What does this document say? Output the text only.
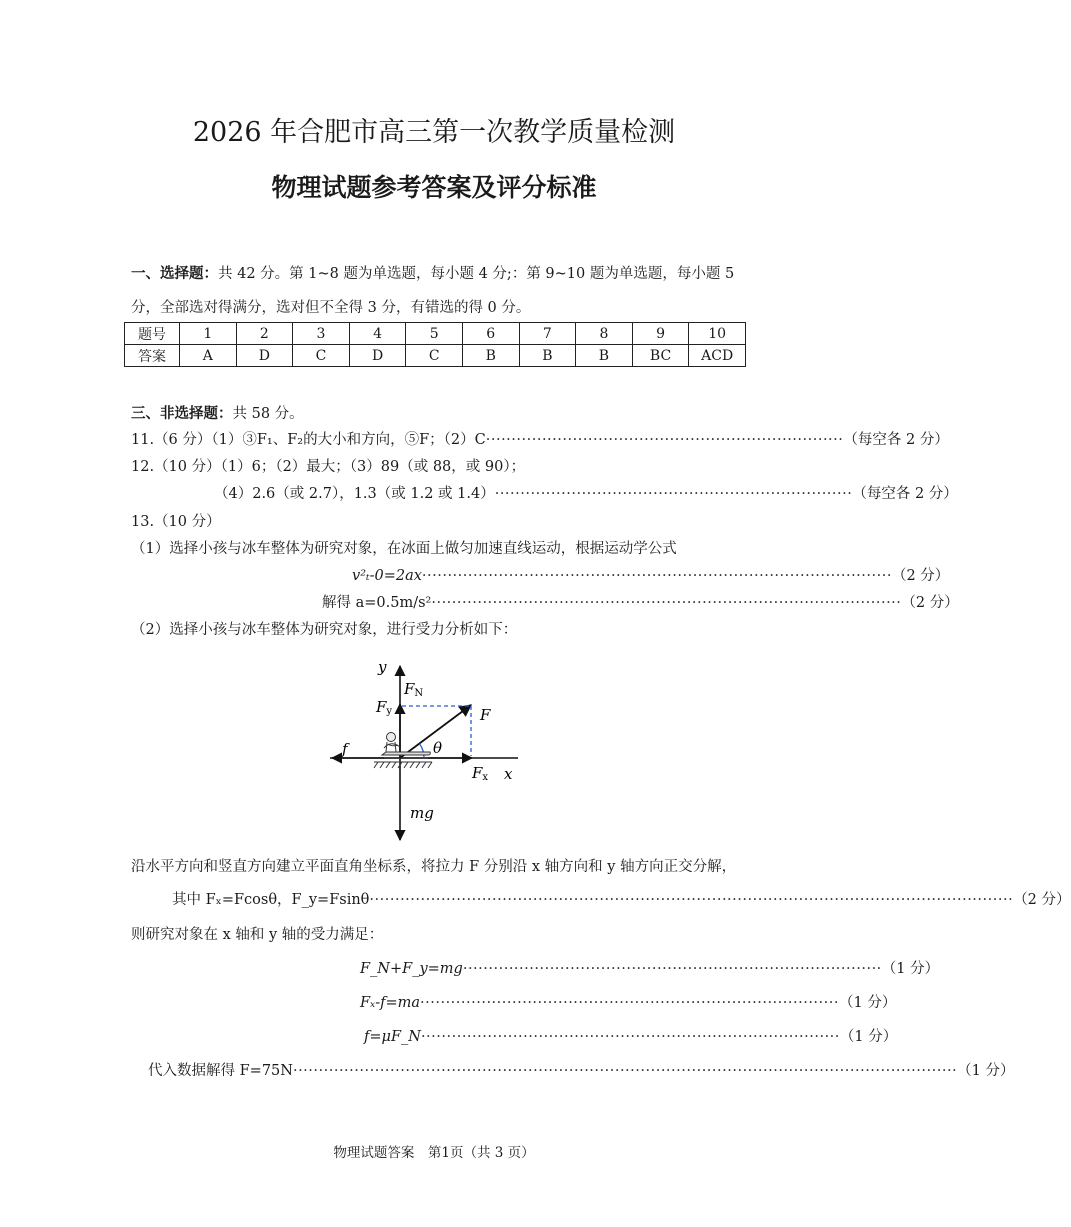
2026 年合肥市高三第一次教学质量检测
物理试题参考答案及评分标准
一、选择题：共 42 分。第 1~8 题为单选题，每小题 4 分;：第 9~10 题为单选题，每小题 5
分，全部选对得满分，选对但不全得 3 分，有错选的得 0 分。
题号	1	2	3	4	5	6	7	8	9	10
答案	A	D	C	D	C	B	B	B	BC	ACD
三、非选择题：共 58 分。
11.（6 分）（1）③F₁、F₂的大小和方向，⑤F；（2）C ······································································ （每空各 2 分）
12.（10 分）（1）6；（2）最大；（3）89（或 88，或 90）；
（4）2.6（或 2.7），1.3（或 1.2 或 1.4） ······································································ （每空各 2 分）
13.（10 分）
（1）选择小孩与冰车整体为研究对象，在冰面上做匀加速直线运动，根据运动学公式
v²ₜ-0=2ax ···························································································· （2 分）
解得 a=0.5m/s² ···························································································· （2 分）
（2）选择小孩与冰车整体为研究对象，进行受力分析如下：
y
FN
Fy	F
f	θ
Fx x
mg
沿水平方向和竖直方向建立平面直角坐标系，将拉力 F 分别沿 x 轴方向和 y 轴方向正交分解，
其中 Fₓ=Fcosθ，F_y=Fsinθ ······························································································································ （2 分）
则研究对象在 x 轴和 y 轴的受力满足：
F_N+F_y=mg ·················································································· （1 分）
Fₓ-f=ma ·················································································· （1 分）
f=μF_N ·················································································· （1 分）
代入数据解得 F=75N ·································································································································· （1 分）
物理试题答案　第1页（共 3 页）
